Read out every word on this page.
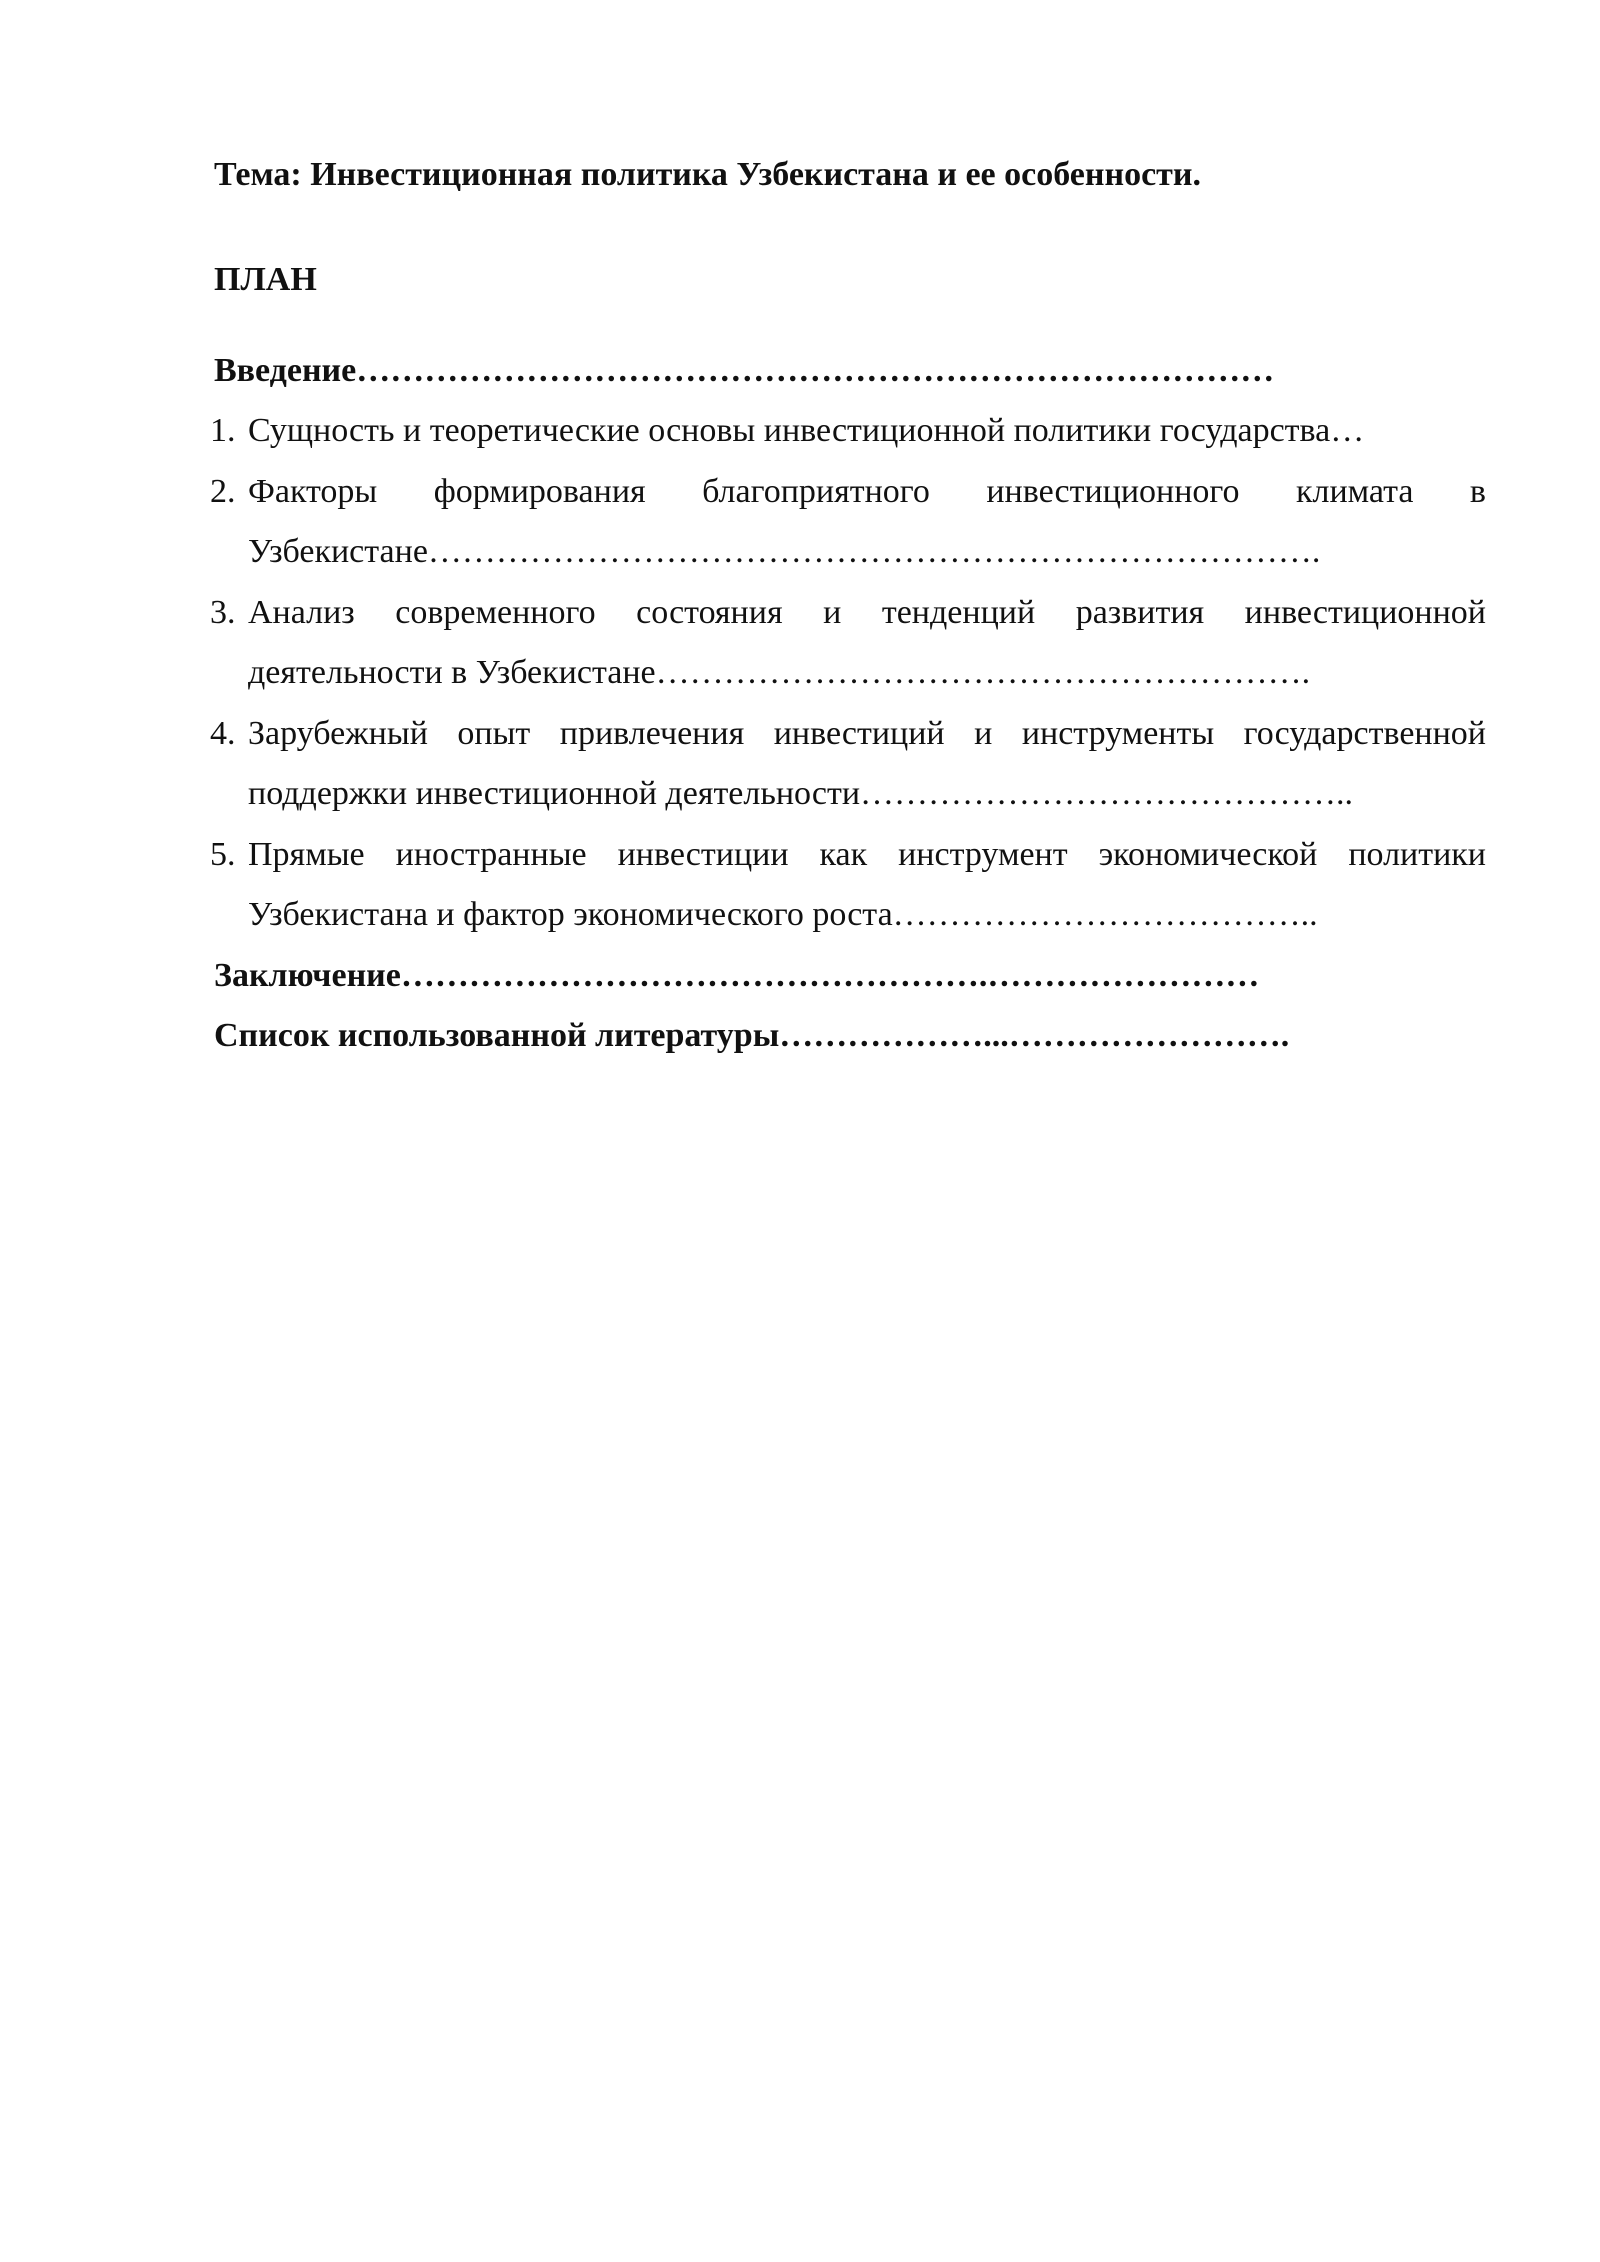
Тема: Инвестиционная политика Узбекистана и ее особенности.

ПЛАН

Введение………………………………………………………………………
1. Сущность и теоретические основы инвестиционной политики государства…
2. Факторы формирования благоприятного инвестиционного климата в Узбекистане…………………………………………………………………….
3. Анализ современного состояния и тенденций развития инвестиционной деятельности в Узбекистане………………………………………………….
4. Зарубежный опыт привлечения инвестиций и инструменты государственной поддержки инвестиционной деятельности……………………………………..
5. Прямые иностранные инвестиции как инструмент экономической политики Узбекистана и фактор экономического роста………………………………..
Заключение…………………………………………….……………………
Список использованной литературы………………...…………………….
